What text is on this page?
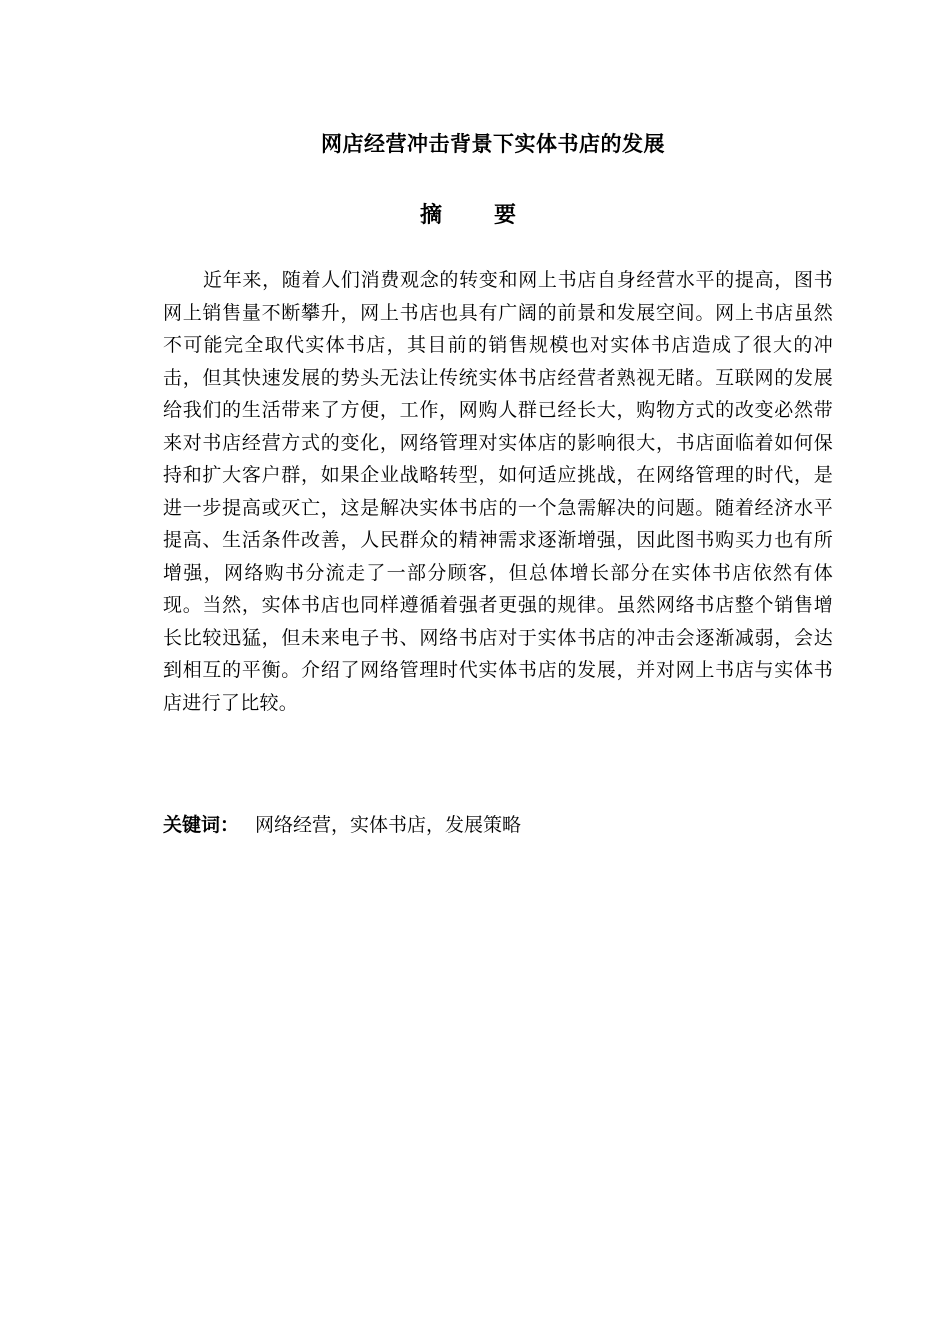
网店经营冲击背景下实体书店的发展
摘要

近年来，随着人们消费观念的转变和网上书店自身经营水平的提高，图书网上销售量不断攀升，网上书店也具有广阔的前景和发展空间。网上书店虽然不可能完全取代实体书店，其目前的销售规模也对实体书店造成了很大的冲击，但其快速发展的势头无法让传统实体书店经营者熟视无睹。互联网的发展给我们的生活带来了方便，工作，网购人群已经长大，购物方式的改变必然带来对书店经营方式的变化，网络管理对实体店的影响很大，书店面临着如何保持和扩大客户群，如果企业战略转型，如何适应挑战，在网络管理的时代，是进一步提高或灭亡，这是解决实体书店的一个急需解决的问题。随着经济水平提高、生活条件改善，人民群众的精神需求逐渐增强，因此图书购买力也有所增强，网络购书分流走了一部分顾客，但总体增长部分在实体书店依然有体现。当然，实体书店也同样遵循着强者更强的规律。虽然网络书店整个销售增长比较迅猛，但未来电子书、网络书店对于实体书店的冲击会逐渐减弱，会达到相互的平衡。介绍了网络管理时代实体书店的发展，并对网上书店与实体书店进行了比较。

关键词： 网络经营，实体书店，发展策略
